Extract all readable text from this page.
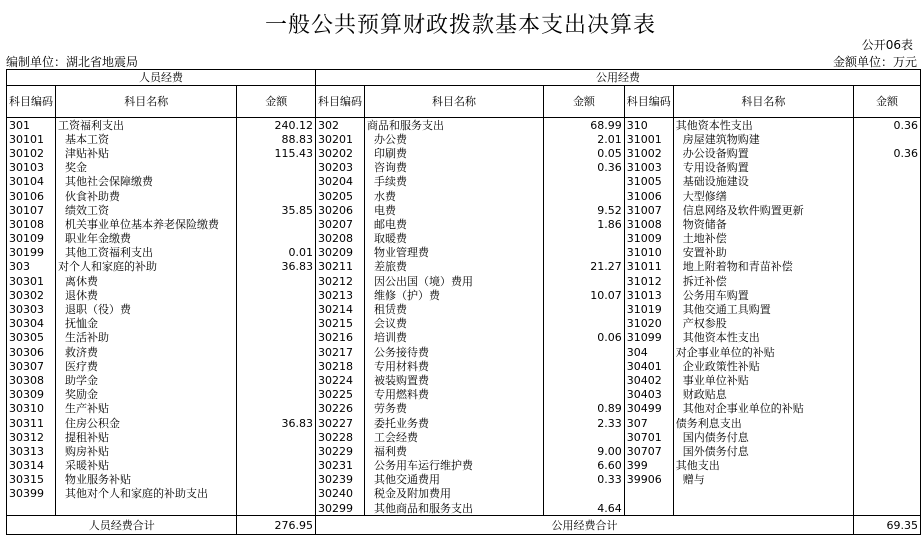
一般公共预算财政拨款基本支出决算表
公开06表
编制单位：湖北省地震局	金额单位：万元
人员经费			公用经费					
科目编码	科目名称	金额	科目编码	科目名称	金额	科目编码	科目名称	金额
301	工资福利支出	240.12	302	商品和服务支出	68.99	310	其他资本性支出	0.36
30101	基本工资	88.83	30201	办公费	2.01	31001	房屋建筑物购建	
30102	津贴补贴	115.43	30202	印刷费	0.05	31002	办公设备购置	0.36
30103	奖金		30203	咨询费	0.36	31003	专用设备购置	
30104	其他社会保障缴费		30204	手续费		31005	基础设施建设	
30106	伙食补助费		30205	水费		31006	大型修缮	
30107	绩效工资	35.85	30206	电费	9.52	31007	信息网络及软件购置更新	
30108	机关事业单位基本养老保险缴费		30207	邮电费	1.86	31008	物资储备	
30109	职业年金缴费		30208	取暖费		31009	土地补偿	
30199	其他工资福利支出	0.01	30209	物业管理费		31010	安置补助	
303	对个人和家庭的补助	36.83	30211	差旅费	21.27	31011	地上附着物和青苗补偿	
30301	离休费		30212	因公出国（境）费用		31012	拆迁补偿	
30302	退休费		30213	维修（护）费	10.07	31013	公务用车购置	
30303	退职（役）费		30214	租赁费		31019	其他交通工具购置	
30304	抚恤金		30215	会议费		31020	产权参股	
30305	生活补助		30216	培训费	0.06	31099	其他资本性支出	
30306	救济费		30217	公务接待费		304	对企事业单位的补贴	
30307	医疗费		30218	专用材料费		30401	企业政策性补贴	
30308	助学金		30224	被装购置费		30402	事业单位补贴	
30309	奖励金		30225	专用燃料费		30403	财政贴息	
30310	生产补贴		30226	劳务费	0.89	30499	其他对企事业单位的补贴	
30311	住房公积金	36.83	30227	委托业务费	2.33	307	债务利息支出	
30312	提租补贴		30228	工会经费		30701	国内债务付息	
30313	购房补贴		30229	福利费	9.00	30707	国外债务付息	
30314	采暖补贴		30231	公务用车运行维护费	6.60	399	其他支出	
30315	物业服务补贴		30239	其他交通费用	0.33	39906	赠与	
30399	其他对个人和家庭的补助支出		30240	税金及附加费用				
			30299	其他商品和服务支出	4.64			
人员经费合计		276.95	公用经费合计					69.35
